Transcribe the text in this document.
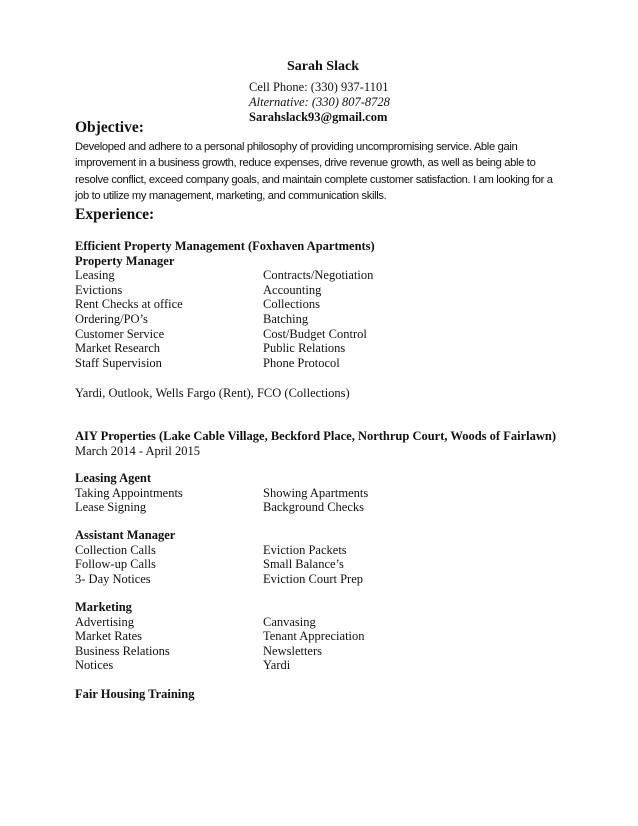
Sarah Slack
Cell Phone: (330) 937-1101
Alternative: (330) 807-8728
Sarahslack93@gmail.com
Objective:
Developed and adhere to a personal philosophy of providing uncompromising service. Able gain
improvement in a business growth, reduce expenses, drive revenue growth, as well as being able to
resolve conflict, exceed company goals, and maintain complete customer satisfaction. I am looking for a
job to utilize my management, marketing, and communication skills.
Experience:
Efficient Property Management (Foxhaven Apartments)
Property Manager
Leasing	Contracts/Negotiation
Evictions	Accounting
Rent Checks at office	Collections
Ordering/PO’s	Batching
Customer Service	Cost/Budget Control
Market Research	Public Relations
Staff Supervision	Phone Protocol
Yardi, Outlook, Wells Fargo (Rent), FCO (Collections)
AIY Properties (Lake Cable Village, Beckford Place, Northrup Court, Woods of Fairlawn)
March 2014 - April 2015
Leasing Agent
Taking Appointments	Showing Apartments
Lease Signing	Background Checks
Assistant Manager
Collection Calls	Eviction Packets
Follow-up Calls	Small Balance’s
3- Day Notices	Eviction Court Prep
Marketing
Advertising	Canvasing
Market Rates	Tenant Appreciation
Business Relations	Newsletters
Notices	Yardi
Fair Housing Training
